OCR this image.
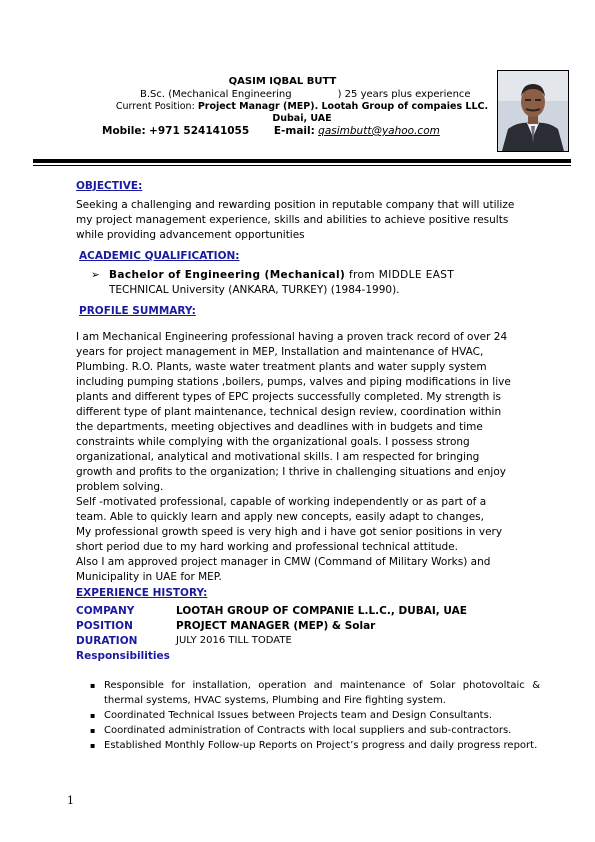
QASIM IQBAL BUTT
B.Sc. (Mechanical Engineering	) 25 years plus experience
Current Position: Project Managr (MEP). Lootah Group of compaies LLC.
Dubai, UAE
Mobile: +971 524141055 E-mail: qasimbutt@yahoo.com
OBJECTIVE:
Seeking a challenging and rewarding position in reputable company that will utilize
my project management experience, skills and abilities to achieve positive results
while providing advancement opportunities
ACADEMIC QUALIFICATION:
➢ Bachelor of Engineering (Mechanical) from MIDDLE EAST
TECHNICAL University (ANKARA, TURKEY) (1984-1990).
PROFILE SUMMARY:
I am Mechanical Engineering professional having a proven track record of over 24
years for project management in MEP, Installation and maintenance of HVAC,
Plumbing. R.O. Plants, waste water treatment plants and water supply system
including pumping stations ,boilers, pumps, valves and piping modifications in live
plants and different types of EPC projects successfully completed. My strength is
different type of plant maintenance, technical design review, coordination within
the departments, meeting objectives and deadlines with in budgets and time
constraints while complying with the organizational goals. I possess strong
organizational, analytical and motivational skills. I am respected for bringing
growth and profits to the organization; I thrive in challenging situations and enjoy
problem solving.
Self -motivated professional, capable of working independently or as part of a
team. Able to quickly learn and apply new concepts, easily adapt to changes,
My professional growth speed is very high and i have got senior positions in very
short period due to my hard working and professional technical attitude.
Also I am approved project manager in CMW (Command of Military Works) and
Municipality in UAE for MEP.
EXPERIENCE HISTORY:
COMPANY	LOOTAH GROUP OF COMPANIE L.L.C., DUBAI, UAE
POSITION	PROJECT MANAGER (MEP) & Solar
DURATION	JULY 2016 TILL TODATE
Responsibilities
▪ Responsible for installation, operation and maintenance of Solar photovoltaic & thermal systems, HVAC systems, Plumbing and Fire fighting system.
▪ Coordinated Technical Issues between Projects team and Design Consultants.
▪ Coordinated administration of Contracts with local suppliers and sub-contractors.
▪ Established Monthly Follow-up Reports on Project’s progress and daily progress report.
1
